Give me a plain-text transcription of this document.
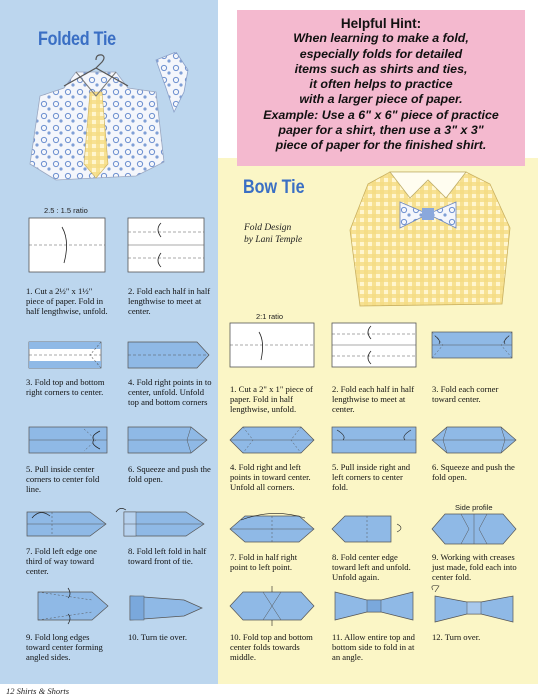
Helpful Hint:
When learning to make a fold,
especially folds for detailed
items such as shirts and ties,
it often helps to practice
with a larger piece of paper.
Example: Use a 6" x 6" piece of practice
paper for a shirt, then use a 3" x 3"
piece of paper for the finished shirt.
Folded Tie
Bow Tie
Fold Design
by Lani Temple
2.5 : 1.5 ratio
2:1 ratio
Side profile
1. Cut a 2½" x 1½" piece of paper. Fold in half lengthwise, unfold.
2. Fold each half in half lengthwise to meet at center.
3. Fold top and bottom right corners to center.
4. Fold right points in to center, unfold. Unfold top and bottom corners
5. Pull inside center corners to center fold line.
6. Squeeze and push the fold open.
7. Fold left edge one third of way toward center.
8. Fold left fold in half toward front of tie.
9. Fold long edges toward center forming angled sides.
10. Turn tie over.
1. Cut a 2" x 1" piece of paper. Fold in half lengthwise, unfold.
2. Fold each half in half lengthwise to meet at center.
3. Fold each corner toward center.
4. Fold right and left points in toward center. Unfold all corners.
5. Pull inside right and left corners to center fold.
6. Squeeze and push the fold open.
7. Fold in half right point to left point.
8. Fold center edge toward left and unfold. Unfold again.
9. Working with creases just made, fold each into center fold.
10. Fold top and bottom center folds towards middle.
11. Allow entire top and bottom side to fold in at an angle.
12. Turn over.
12 Shirts & Shorts
